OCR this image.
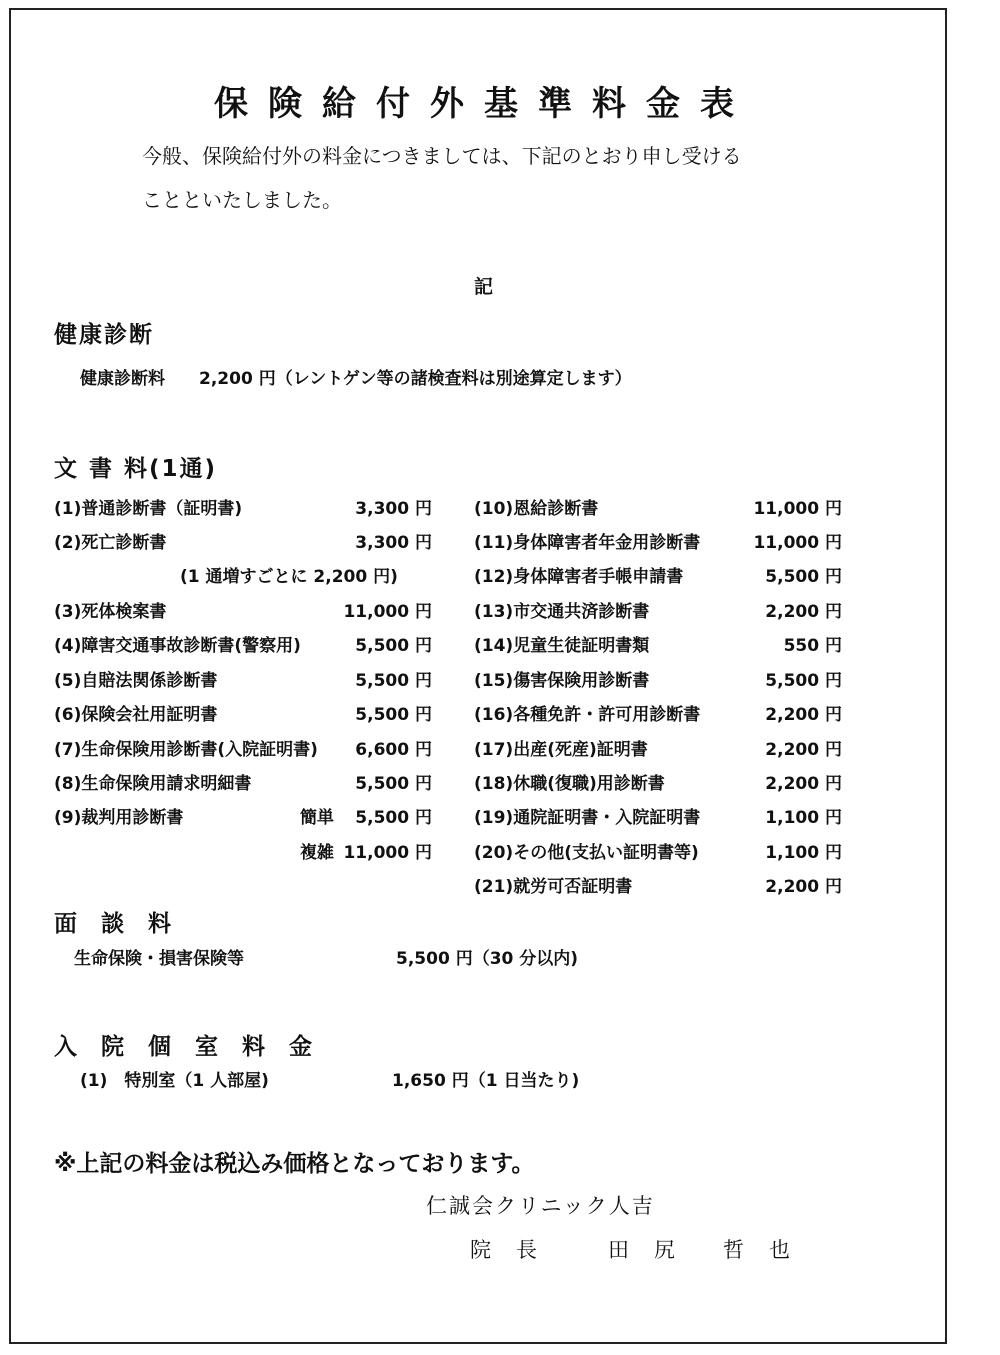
保険給付外基準料金表
今般、保険給付外の料金につきましては、下記のとおり申し受ける
ことといたしました。
記
健康診断
健康診断料　　2,200 円（レントゲン等の諸検査料は別途算定します）
文 書 料(1通)
(1)普通診断書（証明書)	3,300 円
(2)死亡診断書	3,300 円
(1 通増すごとに 2,200 円)
(3)死体検案書	11,000 円
(4)障害交通事故診断書(警察用)	5,500 円
(5)自賠法関係診断書	5,500 円
(6)保険会社用証明書	5,500 円
(7)生命保険用診断書(入院証明書) 6,600 円
(8)生命保険用請求明細書	5,500 円
(9)裁判用診断書	簡単 5,500 円
複雑 11,000 円
(10)恩給診断書	11,000 円
(11)身体障害者年金用診断書	11,000 円
(12)身体障害者手帳申請書	5,500 円
(13)市交通共済診断書	2,200 円
(14)児童生徒証明書類	550 円
(15)傷害保険用診断書	5,500 円
(16)各種免許・許可用診断書	2,200 円
(17)出産(死産)証明書	2,200 円
(18)休職(復職)用診断書	2,200 円
(19)通院証明書・入院証明書	1,100 円
(20)その他(支払い証明書等)	1,100 円
(21)就労可否証明書	2,200 円
面 談 料
生命保険・損害保険等	5,500 円（30 分以内)
入 院 個 室 料 金
(1)　特別室（1 人部屋)	1,650 円（1 日当たり)
※上記の料金は税込み価格となっております。
仁誠会クリニック人吉
院　長　　　田　尻　　哲　也
